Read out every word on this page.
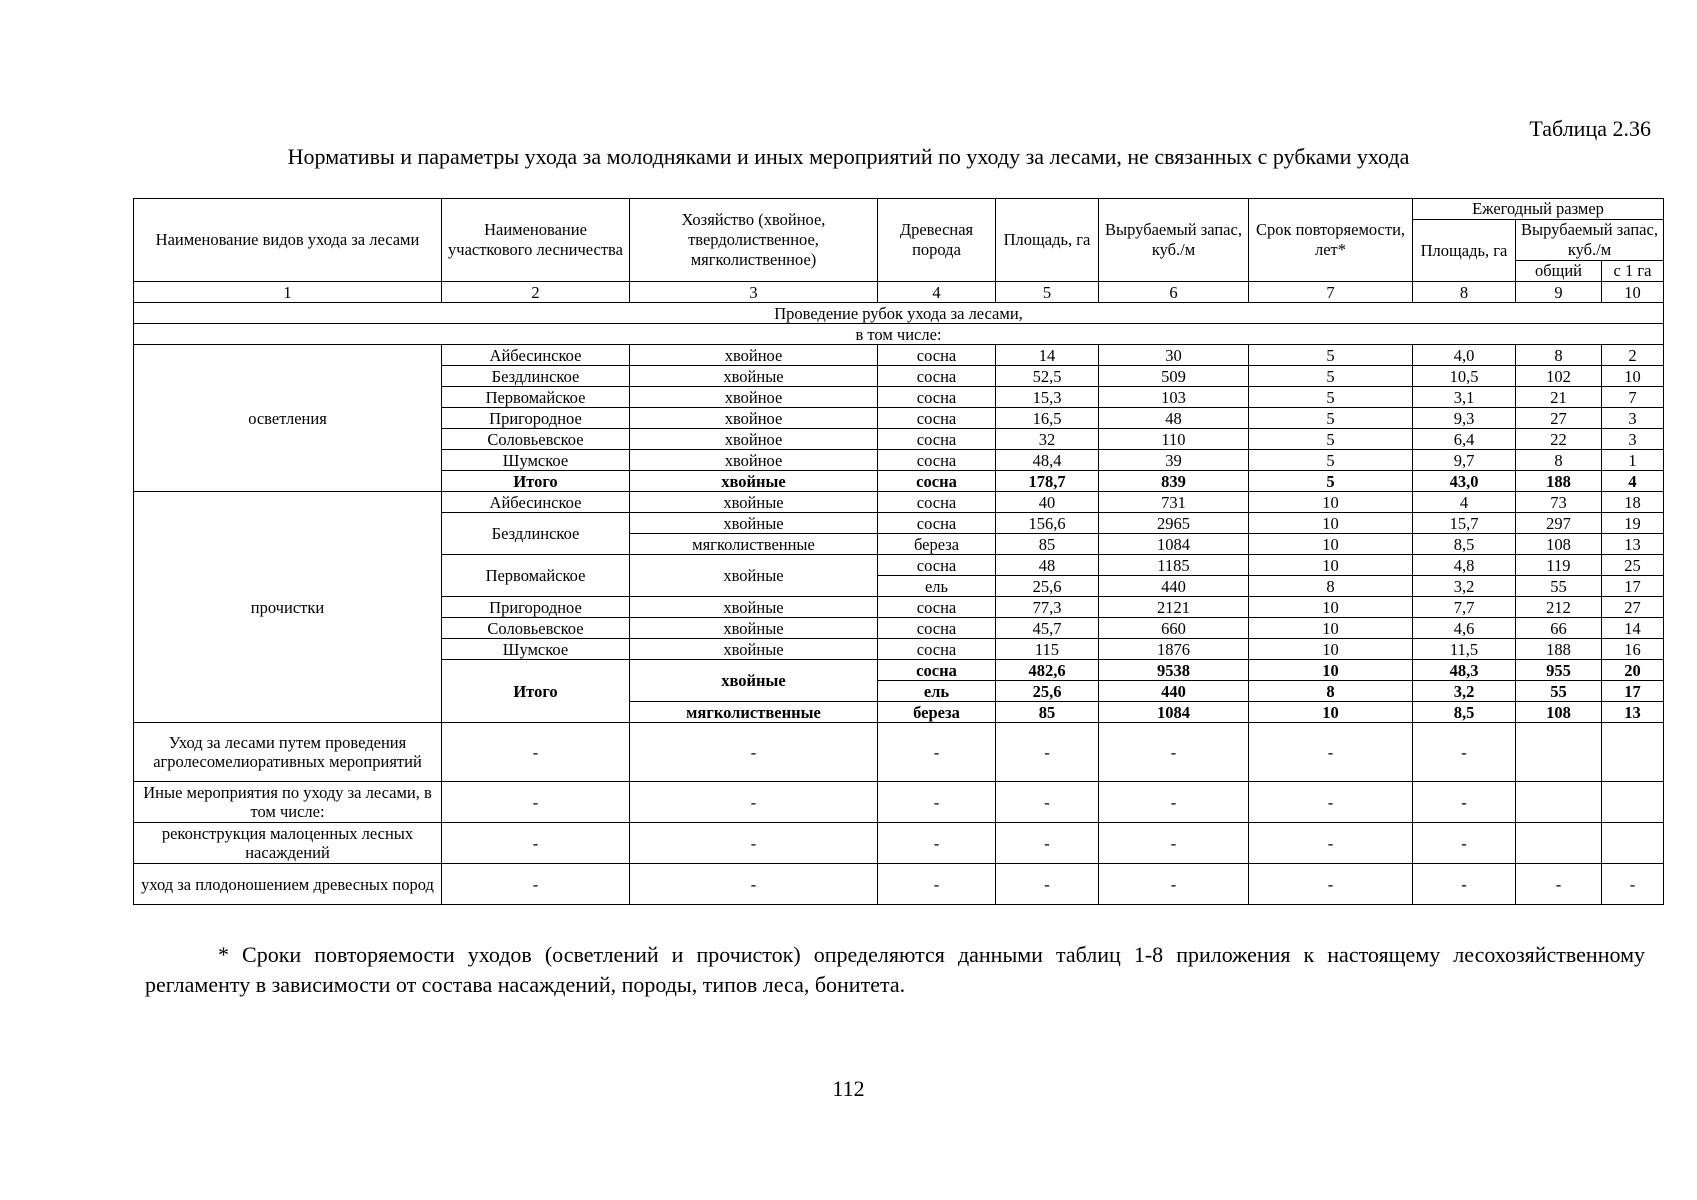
Таблица 2.36
Нормативы и параметры ухода за молодняками и иных мероприятий по уходу за лесами, не связанных с рубками ухода
Наименование видов ухода за лесами	Наименование участкового лесничества	Хозяйство (хвойное, твердолиственное, мягколиственное)	Древесная порода	Площадь, га	Вырубаемый запас, куб./м	Срок повторяемости, лет*	Ежегодный размер		
							Площадь, га	Вырубаемый запас, куб./м	
								общий	с 1 га
1	2	3	4	5	6	7	8	9	10
Проведение рубок ухода за лесами,									
в том числе:									
осветления	Айбесинское	хвойное	сосна	14	30	5	4,0	8	2
	Бездлинское	хвойные	сосна	52,5	509	5	10,5	102	10
	Первомайское	хвойное	сосна	15,3	103	5	3,1	21	7
	Пригородное	хвойное	сосна	16,5	48	5	9,3	27	3
	Соловьевское	хвойное	сосна	32	110	5	6,4	22	3
	Шумское	хвойное	сосна	48,4	39	5	9,7	8	1
	Итого	хвойные	сосна	178,7	839	5	43,0	188	4
прочистки	Айбесинское	хвойные	сосна	40	731	10	4	73	18
	Бездлинское	хвойные	сосна	156,6	2965	10	15,7	297	19
		мягколиственные	береза	85	1084	10	8,5	108	13
	Первомайское	хвойные	сосна	48	1185	10	4,8	119	25
			ель	25,6	440	8	3,2	55	17
	Пригородное	хвойные	сосна	77,3	2121	10	7,7	212	27
	Соловьевское	хвойные	сосна	45,7	660	10	4,6	66	14
	Шумское	хвойные	сосна	115	1876	10	11,5	188	16
	Итого	хвойные	сосна	482,6	9538	10	48,3	955	20
			ель	25,6	440	8	3,2	55	17
		мягколиственные	береза	85	1084	10	8,5	108	13
Уход за лесами путем проведения агролесомелиоративных мероприятий	-	-	-	-	-	-	-		
Иные мероприятия по уходу за лесами, в том числе:	-	-	-	-	-	-	-		
реконструкция малоценных лесных насаждений	-	-	-	-	-	-	-		
уход за плодоношением древесных пород	-	-	-	-	-	-	-	-	-
* Сроки повторяемости уходов (осветлений и прочисток) определяются данными таблиц 1-8 приложения к настоящему лесохозяйственному регламенту в зависимости от состава насаждений, породы, типов леса, бонитета.
112
